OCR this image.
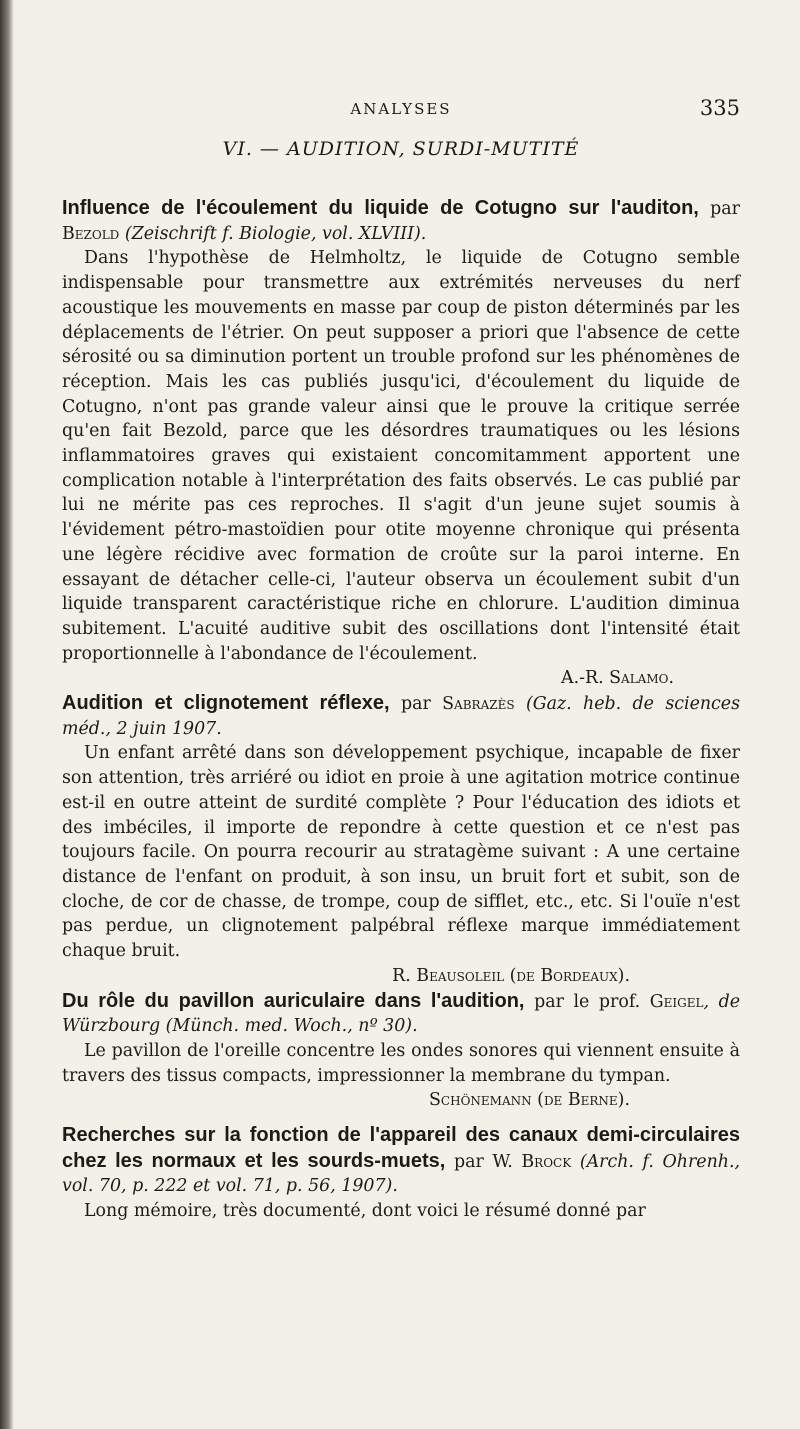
ANALYSES	335
VI. — AUDITION, SURDI-MUTITÉ

Influence de l'écoulement du liquide de Cotugno sur l'auditon, par Bezold (Zeischrift f. Biologie, vol. XLVIII).

Dans l'hypothèse de Helmholtz, le liquide de Cotugno semble indispensable pour transmettre aux extrémités nerveuses du nerf acoustique les mouvements en masse par coup de piston déterminés par les déplacements de l'étrier. On peut supposer a priori que l'absence de cette sérosité ou sa diminution portent un trouble profond sur les phénomènes de réception. Mais les cas publiés jusqu'ici, d'écoulement du liquide de Cotugno, n'ont pas grande valeur ainsi que le prouve la critique serrée qu'en fait Bezold, parce que les désordres traumatiques ou les lésions inflammatoires graves qui existaient concomitamment apportent une complication notable à l'interprétation des faits observés. Le cas publié par lui ne mérite pas ces reproches. Il s'agit d'un jeune sujet soumis à l'évidement pétro-mastoïdien pour otite moyenne chronique qui présenta une légère récidive avec formation de croûte sur la paroi interne. En essayant de détacher celle-ci, l'auteur observa un écoulement subit d'un liquide transparent caractéristique riche en chlorure. L'audition diminua subitement. L'acuité auditive subit des oscillations dont l'intensité était proportionnelle à l'abondance de l'écoulement.

A.-R. Salamo.

Audition et clignotement réflexe, par Sabrazès (Gaz. heb. de sciences méd., 2 juin 1907.

Un enfant arrêté dans son développement psychique, incapable de fixer son attention, très arriéré ou idiot en proie à une agitation motrice continue est-il en outre atteint de surdité complète ? Pour l'éducation des idiots et des imbéciles, il importe de repondre à cette question et ce n'est pas toujours facile. On pourra recourir au stratagème suivant : A une certaine distance de l'enfant on produit, à son insu, un bruit fort et subit, son de cloche, de cor de chasse, de trompe, coup de sifflet, etc., etc. Si l'ouïe n'est pas perdue, un clignotement palpébral réflexe marque immédiatement chaque bruit.

R. Beausoleil (de Bordeaux).

Du rôle du pavillon auriculaire dans l'audition, par le prof. Geigel, de Würzbourg (Münch. med. Woch., nº 30).

Le pavillon de l'oreille concentre les ondes sonores qui viennent ensuite à travers des tissus compacts, impressionner la membrane du tympan.

Schönemann (de Berne).

Recherches sur la fonction de l'appareil des canaux demi-circulaires chez les normaux et les sourds-muets, par W. Brock (Arch. f. Ohrenh., vol. 70, p. 222 et vol. 71, p. 56, 1907).

Long mémoire, très documenté, dont voici le résumé donné par
